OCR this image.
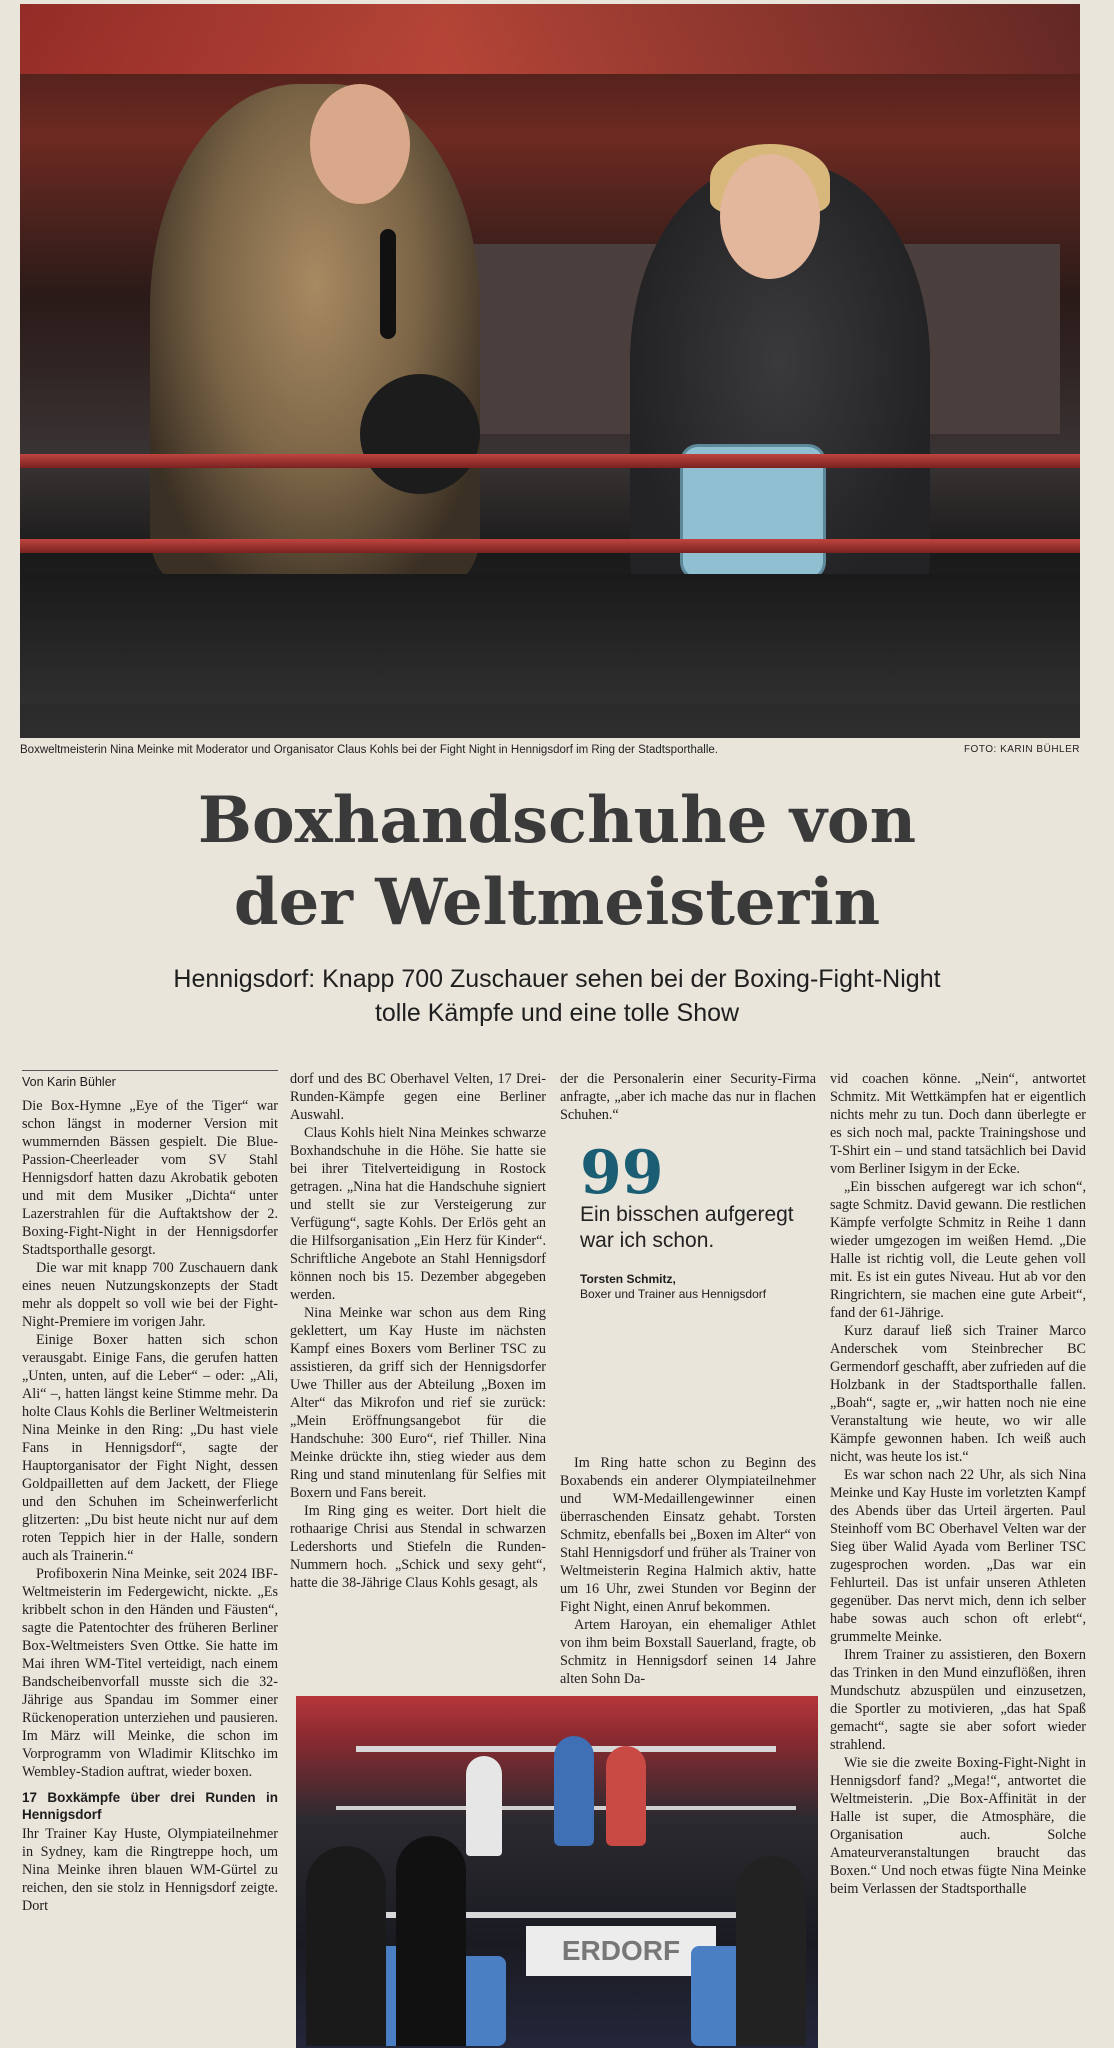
Boxweltmeisterin Nina Meinke mit Moderator und Organisator Claus Kohls bei der Fight Night in Hennigsdorf im Ring der Stadtsporthalle.	FOTO: KARIN BÜHLER
Boxhandschuhe von
der Weltmeisterin
Hennigsdorf: Knapp 700 Zuschauer sehen bei der Boxing-Fight-Night
tolle Kämpfe und eine tolle Show
Von Karin Bühler

Die Box-Hymne „Eye of the Tiger“ war schon längst in moderner Version mit wummernden Bässen gespielt. Die Blue-Passion-Cheerleader vom SV Stahl Hennigsdorf hatten dazu Akrobatik geboten und mit dem Musiker „Dichta“ unter Lazerstrahlen für die Auftaktshow der 2. Boxing-Fight-Night in der Hennigsdorfer Stadtsporthalle gesorgt.

Die war mit knapp 700 Zuschauern dank eines neuen Nutzungskonzepts der Stadt mehr als doppelt so voll wie bei der Fight-Night-Premiere im vorigen Jahr.

Einige Boxer hatten sich schon verausgabt. Einige Fans, die gerufen hatten „Unten, unten, auf die Leber“ – oder: „Ali, Ali“ –, hatten längst keine Stimme mehr. Da holte Claus Kohls die Berliner Weltmeisterin Nina Meinke in den Ring: „Du hast viele Fans in Hennigsdorf“, sagte der Hauptorganisator der Fight Night, dessen Goldpailletten auf dem Jackett, der Fliege und den Schuhen im Scheinwerferlicht glitzerten: „Du bist heute nicht nur auf dem roten Teppich hier in der Halle, sondern auch als Trainerin.“

Profiboxerin Nina Meinke, seit 2024 IBF-Weltmeisterin im Federgewicht, nickte. „Es kribbelt schon in den Händen und Fäusten“, sagte die Patentochter des früheren Berliner Box-Weltmeisters Sven Ottke. Sie hatte im Mai ihren WM-Titel verteidigt, nach einem Bandscheibenvorfall musste sich die 32-Jährige aus Spandau im Sommer einer Rückenoperation unterziehen und pausieren. Im März will Meinke, die schon im Vorprogramm von Wladimir Klitschko im Wembley-Stadion auftrat, wieder boxen.

17 Boxkämpfe über drei Runden in Hennigsdorf

Ihr Trainer Kay Huste, Olympiateilnehmer in Sydney, kam die Ringtreppe hoch, um Nina Meinke ihren blauen WM-Gürtel zu reichen, den sie stolz in Hennigsdorf zeigte. Dort

dorf und des BC Oberhavel Velten, 17 Drei-Runden-Kämpfe gegen eine Berliner Auswahl.

Claus Kohls hielt Nina Meinkes schwarze Boxhandschuhe in die Höhe. Sie hatte sie bei ihrer Titelverteidigung in Rostock getragen. „Nina hat die Handschuhe signiert und stellt sie zur Versteigerung zur Verfügung“, sagte Kohls. Der Erlös geht an die Hilfsorganisation „Ein Herz für Kinder“. Schriftliche Angebote an Stahl Hennigsdorf können noch bis 15. Dezember abgegeben werden.

Nina Meinke war schon aus dem Ring geklettert, um Kay Huste im nächsten Kampf eines Boxers vom Berliner TSC zu assistieren, da griff sich der Hennigsdorfer Uwe Thiller aus der Abteilung „Boxen im Alter“ das Mikrofon und rief sie zurück: „Mein Eröffnungsangebot für die Handschuhe: 300 Euro“, rief Thiller. Nina Meinke drückte ihn, stieg wieder aus dem Ring und stand minutenlang für Selfies mit Boxern und Fans bereit.

Im Ring ging es weiter. Dort hielt die rothaarige Chrisi aus Stendal in schwarzen Ledershorts und Stiefeln die Runden-Nummern hoch. „Schick und sexy geht“, hatte die 38-Jährige Claus Kohls gesagt, als

der die Personalerin einer Security-Firma anfragte, „aber ich mache das nur in flachen Schuhen.“

Im Ring hatte schon zu Beginn des Boxabends ein anderer Olympiateilnehmer und WM-Medaillengewinner einen überraschenden Einsatz gehabt. Torsten Schmitz, ebenfalls bei „Boxen im Alter“ von Stahl Hennigsdorf und früher als Trainer von Weltmeisterin Regina Halmich aktiv, hatte um 16 Uhr, zwei Stunden vor Beginn der Fight Night, einen Anruf bekommen.

Artem Haroyan, ein ehemaliger Athlet von ihm beim Boxstall Sauerland, fragte, ob Schmitz in Hennigsdorf seinen 14 Jahre alten Sohn Da-

99
Ein bisschen aufgeregt war ich schon.
Torsten Schmitz,
Boxer und Trainer aus Hennigsdorf

vid coachen könne. „Nein“, antwortet Schmitz. Mit Wettkämpfen hat er eigentlich nichts mehr zu tun. Doch dann überlegte er es sich noch mal, packte Trainingshose und T-Shirt ein – und stand tatsächlich bei David vom Berliner Isigym in der Ecke.

„Ein bisschen aufgeregt war ich schon“, sagte Schmitz. David gewann. Die restlichen Kämpfe verfolgte Schmitz in Reihe 1 dann wieder umgezogen im weißen Hemd. „Die Halle ist richtig voll, die Leute gehen voll mit. Es ist ein gutes Niveau. Hut ab vor den Ringrichtern, sie machen eine gute Arbeit“, fand der 61-Jährige.

Kurz darauf ließ sich Trainer Marco Anderschek vom Steinbrecher BC Germendorf geschafft, aber zufrieden auf die Holzbank in der Stadtsporthalle fallen. „Boah“, sagte er, „wir hatten noch nie eine Veranstaltung wie heute, wo wir alle Kämpfe gewonnen haben. Ich weiß auch nicht, was heute los ist.“

Es war schon nach 22 Uhr, als sich Nina Meinke und Kay Huste im vorletzten Kampf des Abends über das Urteil ärgerten. Paul Steinhoff vom BC Oberhavel Velten war der Sieg über Walid Ayada vom Berliner TSC zugesprochen worden. „Das war ein Fehlurteil. Das ist unfair unseren Athleten gegenüber. Das nervt mich, denn ich selber habe sowas auch schon oft erlebt“, grummelte Meinke.

Ihrem Trainer zu assistieren, den Boxern das Trinken in den Mund einzuflößen, ihren Mundschutz abzuspülen und einzusetzen, die Sportler zu motivieren, „das hat Spaß gemacht“, sagte sie aber sofort wieder strahlend.

Wie sie die zweite Boxing-Fight-Night in Hennigsdorf fand? „Mega!“, antwortet die Weltmeisterin. „Die Box-Affinität in der Halle ist super, die Atmosphäre, die Organisation auch. Solche Amateurveranstaltungen braucht das Boxen.“ Und noch etwas fügte Nina Meinke beim Verlassen der Stadtsporthalle

ERDORF
